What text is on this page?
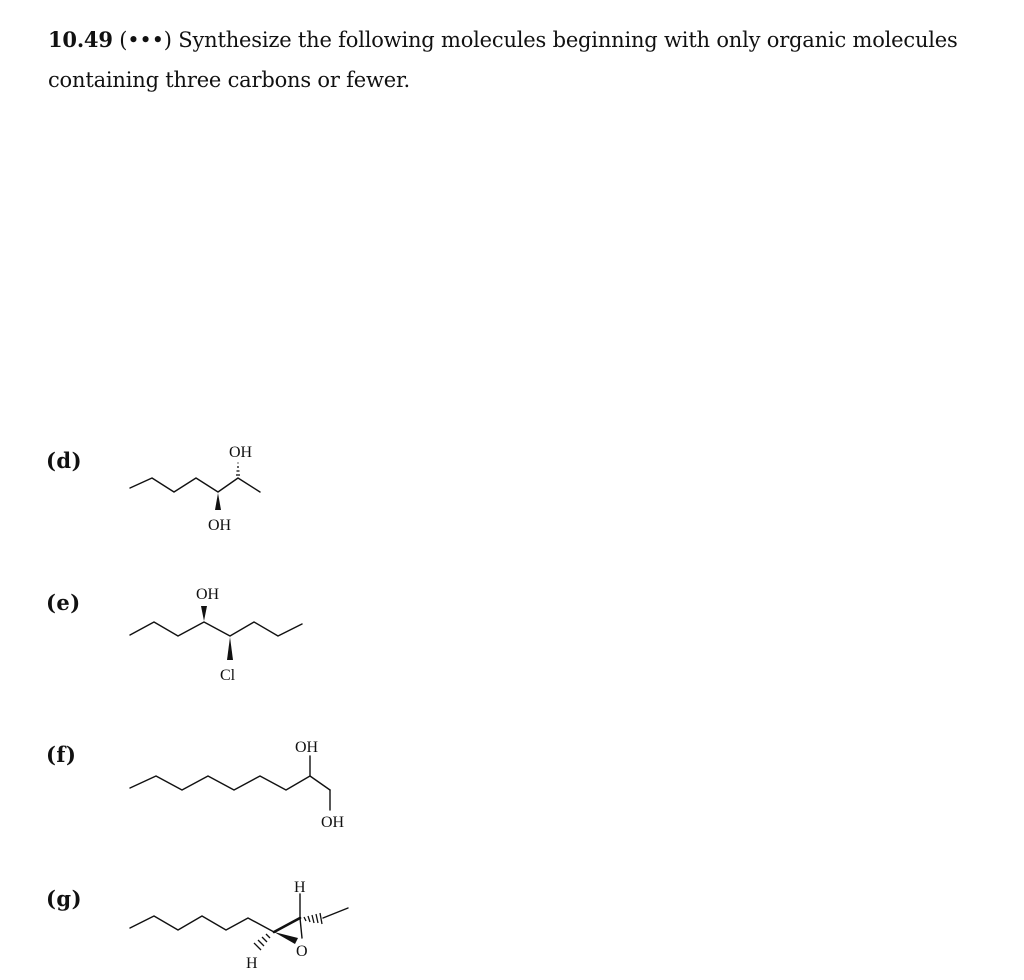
10.49 (•••) Synthesize the following molecules beginning with only organic molecules containing three carbons or fewer.
(d)	OH
OH
(e)	OH
Cl
(f)	OH
OH
(g)	H
O
H
